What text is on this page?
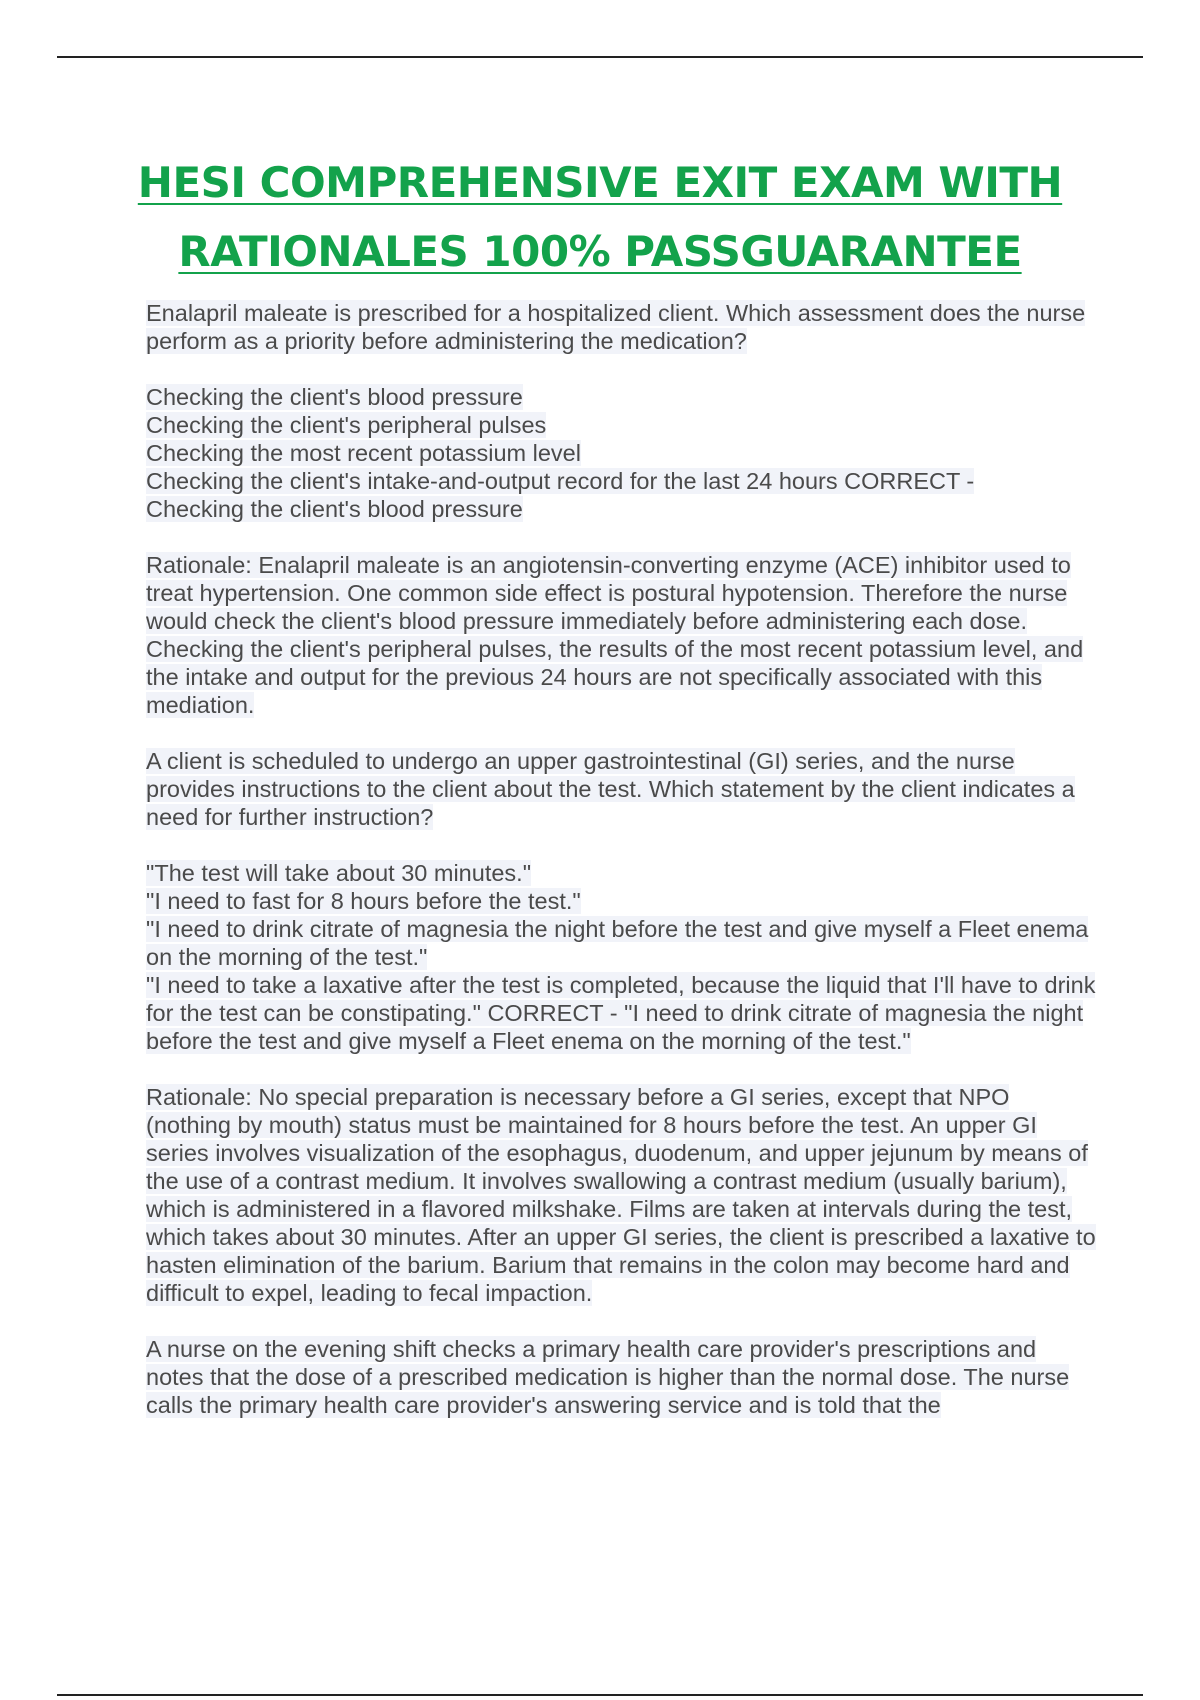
HESI COMPREHENSIVE EXIT EXAM WITH
RATIONALES 100% PASSGUARANTEE

Enalapril maleate is prescribed for a hospitalized client. Which assessment does the nurse perform as a priority before administering the medication?

Checking the client's blood pressure
Checking the client's peripheral pulses
Checking the most recent potassium level
Checking the client's intake-and-output record for the last 24 hours CORRECT -
Checking the client's blood pressure

Rationale: Enalapril maleate is an angiotensin-converting enzyme (ACE) inhibitor used to treat hypertension. One common side effect is postural hypotension. Therefore the nurse would check the client's blood pressure immediately before administering each dose. Checking the client's peripheral pulses, the results of the most recent potassium level, and the intake and output for the previous 24 hours are not specifically associated with this mediation.

A client is scheduled to undergo an upper gastrointestinal (GI) series, and the nurse provides instructions to the client about the test. Which statement by the client indicates a need for further instruction?

"The test will take about 30 minutes."
"I need to fast for 8 hours before the test."
"I need to drink citrate of magnesia the night before the test and give myself a Fleet enema on the morning of the test."
"I need to take a laxative after the test is completed, because the liquid that I'll have to drink for the test can be constipating." CORRECT - "I need to drink citrate of magnesia the night before the test and give myself a Fleet enema on the morning of the test."

Rationale: No special preparation is necessary before a GI series, except that NPO (nothing by mouth) status must be maintained for 8 hours before the test. An upper GI series involves visualization of the esophagus, duodenum, and upper jejunum by means of the use of a contrast medium. It involves swallowing a contrast medium (usually barium), which is administered in a flavored milkshake. Films are taken at intervals during the test, which takes about 30 minutes. After an upper GI series, the client is prescribed a laxative to hasten elimination of the barium. Barium that remains in the colon may become hard and difficult to expel, leading to fecal impaction.

A nurse on the evening shift checks a primary health care provider's prescriptions and notes that the dose of a prescribed medication is higher than the normal dose. The nurse calls the primary health care provider's answering service and is told that the
